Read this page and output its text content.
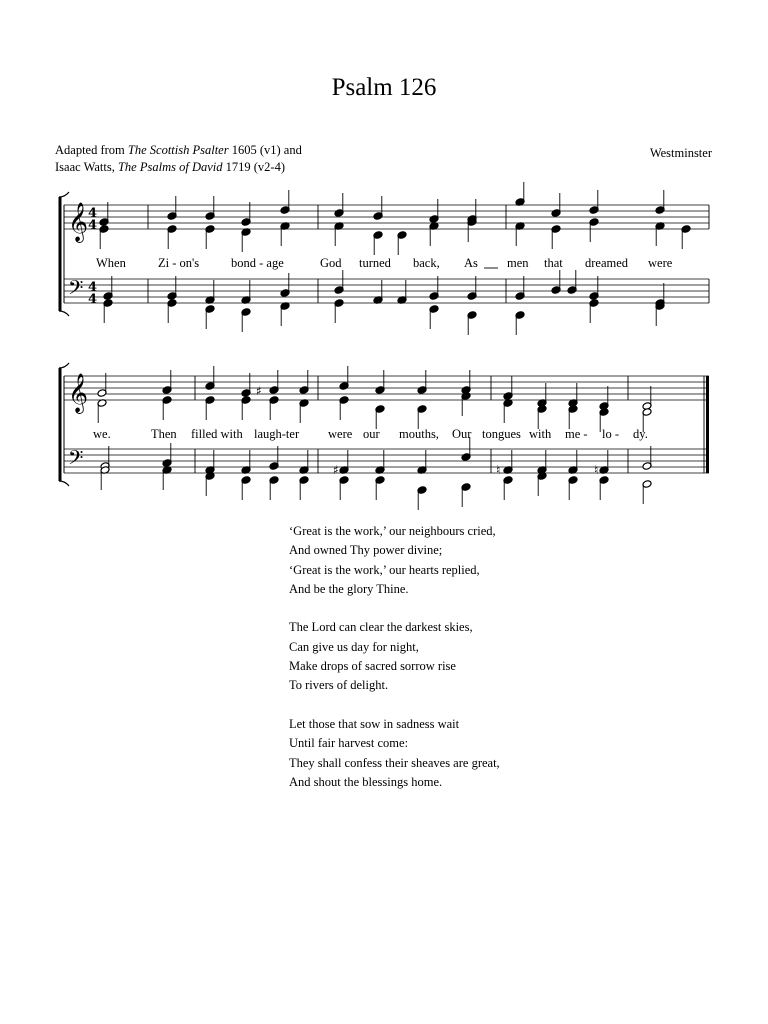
Psalm 126
Adapted from The Scottish Psalter 1605 (v1) and
Isaac Watts, The Psalms of David 1719 (v2-4)
Westminster
𝄞
𝄢
4
4
4
4
𝄞
𝄢
♯
♯	♮	♮
When	Zi - on's	bond - age	God turned back, As men that dreamed were
we.	Then filled with laugh-ter were our mouths, Our tongues with me - lo - dy.
‘Great is the work,’ our neighbours cried,
And owned Thy power divine;
‘Great is the work,’ our hearts replied,
And be the glory Thine.
The Lord can clear the darkest skies,
Can give us day for night,
Make drops of sacred sorrow rise
To rivers of delight.
Let those that sow in sadness wait
Until fair harvest come:
They shall confess their sheaves are great,
And shout the blessings home.
